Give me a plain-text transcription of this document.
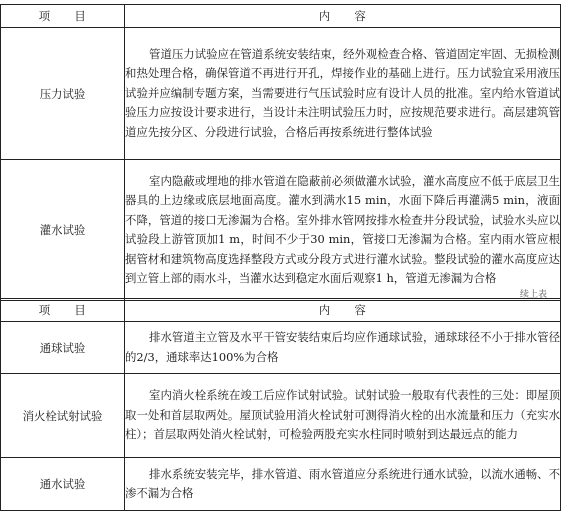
项　　目	内　　容
压力试验	管道压力试验应在管道系统安装结束，经外观检查合格、管道固定牢固、无损检测和热处理合格，确保管道不再进行开孔，焊接作业的基础上进行。压力试验宜采用液压试验并应编制专题方案，当需要进行气压试验时应有设计人员的批准。室内给水管道试验压力应按设计要求进行，当设计未注明试验压力时，应按规范要求进行。高层建筑管道应先按分区、分段进行试验，合格后再按系统进行整体试验
灌水试验	室内隐蔽或埋地的排水管道在隐蔽前必须做灌水试验，灌水高度应不低于底层卫生器具的上边缘或底层地面高度。灌水到满水15 min，水面下降后再灌满5 min，液面不降，管道的接口无渗漏为合格。室外排水管网按排水检查井分段试验，试验水头应以试验段上游管顶加1 m，时间不少于30 min，管接口无渗漏为合格。室内雨水管应根据管材和建筑物高度选择整段方式或分段方式进行灌水试验。整段试验的灌水高度应达到立管上部的雨水斗，当灌水达到稳定水面后观察1 h，管道无渗漏为合格
续上表
项　　目	内　　容
通球试验	排水管道主立管及水平干管安装结束后均应作通球试验，通球球径不小于排水管径的2/3，通球率达100%为合格
消火栓试射试验	室内消火栓系统在竣工后应作试射试验。试射试验一般取有代表性的三处：即屋顶取一处和首层取两处。屋顶试验用消火栓试射可测得消火栓的出水流量和压力（充实水柱）；首层取两处消火栓试射，可检验两股充实水柱同时喷射到达最远点的能力
通水试验	排水系统安装完毕，排水管道、雨水管道应分系统进行通水试验，以流水通畅、不渗不漏为合格
